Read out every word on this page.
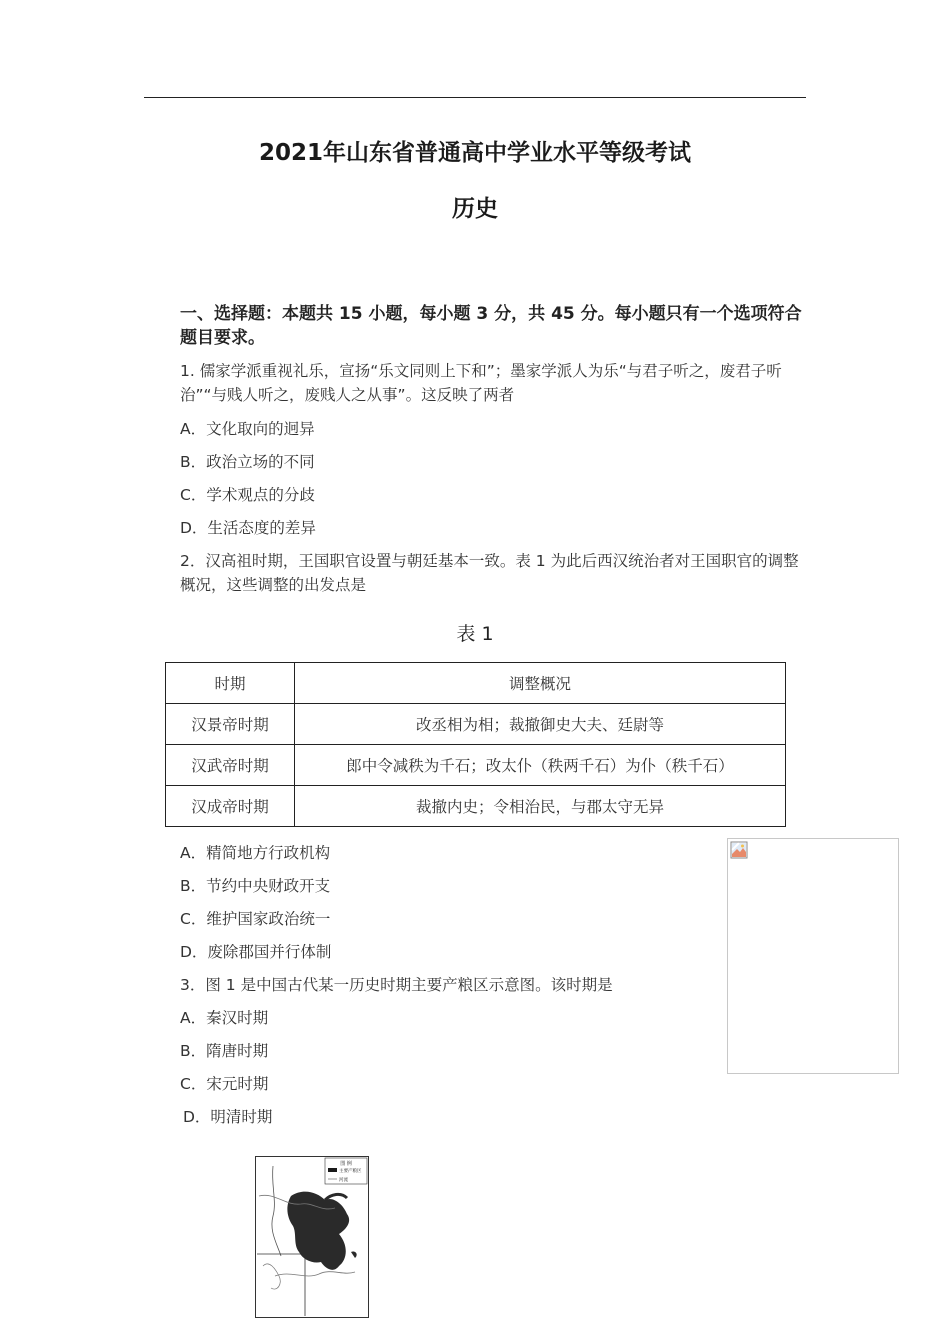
2021年山东省普通高中学业水平等级考试
历史
一、选择题：本题共 15 小题，每小题 3 分，共 45 分。每小题只有一个选项符合题目要求。
1. 儒家学派重视礼乐，宣扬“乐文同则上下和”；墨家学派人为乐“与君子听之，废君子听治”“与贱人听之，废贱人之从事”。这反映了两者
A．文化取向的迥异
B．政治立场的不同
C．学术观点的分歧
D．生活态度的差异
2．汉高祖时期，王国职官设置与朝廷基本一致。表 1 为此后西汉统治者对王国职官的调整概况，这些调整的出发点是
表 1
时期	调整概况
汉景帝时期	改丞相为相；裁撤御史大夫、廷尉等
汉武帝时期	郎中令减秩为千石；改太仆（秩两千石）为仆（秩千石）
汉成帝时期	裁撤内史；令相治民，与郡太守无异
A．精简地方行政机构
B．节约中央财政开支
C．维护国家政治统一
D．废除郡国并行体制
3．图 1 是中国古代某一历史时期主要产粮区示意图。该时期是
A．秦汉时期
B．隋唐时期
C．宋元时期
D．明清时期
图 例
主要产粮区
河流
